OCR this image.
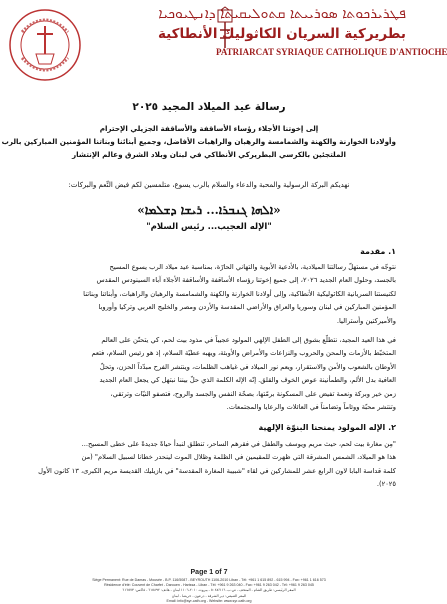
ܦܛܪܝܪܟܘܬܐ ܣܘܪܝܝܬܐ ܩܬܘܠܝܩܝܬܐ ܕܐܢܛܝܘܟܝܐ
بطريركية السريان الكاثوليك الأنطاكية
PATRIARCAT SYRIAQUE CATHOLIQUE D'ANTIOCHE
رسالة عيد الميلاد المجيد ٢٠٢٥
إلى إخوتنا الأجلاء رؤساء الأساقفة والأساقفة الجزيلي الإحترام
وأولادنا الخوارنة والكهنة والشمامسة والرهبان والراهبات الأفاضل، وجميع أبنائنا وبناتنا المؤمنين المباركين بالرب
الملتجئين بالكرسي البطريركي الأنطاكي في لبنان وبلاد الشرق وعالم الإنتشار
نهديكم البركة الرسولية والمحبة والدعاء والسلام بالرب يسوع، متلمسين لكم فيض النِّعم والبركات:
«ܐܠܗܐ ܓܢܒܪܐ... ܪܝܫܐ ܕܫܠܡܐ»
"الإله العجيب... رئيس السلام"
١. مقدمة
نتوجّه في مستهلّ رسالتنا الميلادية، بالأدعية الأبوية والتهاني الحارّة، بمناسبة عيد ميلاد الرب يسوع المسيح
بالجسد، وحلول العام الجديد ٢٠٢٦، إلى جميع إخوتنا رؤساء الأساقفة والأساقفة الأجلاء آباء السينودس المقدس
لكنيستنا السريانية الكاثوليكية الأنطاكية، وإلى أولادنا الخوارنة والكهنة والشمامسة والرهبان والراهبات، وأبنائنا وبناتنا
المؤمنين المباركين في لبنان وسوريا والعراق والأراضي المقدسة والأردن ومصر والخليج العربي وتركيا وأوروبا
والأميركتين وأستراليا.
في هذا العيد المجيد، نتطلّع بشوق إلى الطفل الإلهي المولود عجيباً في مذود بيت لحم، كي يتحنّن على العالم
المتخبّط بالأزمات والمحن والحروب والنزاعات والأمراض والأوبئة، ويهبه عطيّة السلام، إذ هو رئيس السلام، فتعم
الأوطان بالشعوب والأمن والاستقرار، ويعم نور الميلاد في غياهب الظلمات، وينتشر الفرح مبدّداً الحزن، وتحلّ
العافية بدل الألم، والطمأنينة عوض الخوف والقلق. إنّه الإله الكلمة الذي حلّ بيننا نبتهل كي يجعل العام الجديد
زمن خير وبركة ونعمة تفيض على المسكونة برمّتها، بصحّة النفس والجسد والروح، فتصفو النيّات وترتقي،
وتنتشر محبّة ووئاماً وتضامناً في العائلات والرعايا والمجتمعات.
٢. الإله المولود يمنحنا البنوّة الإلهية
"مِن مغارة بيت لحم، حيث مريم ويوسف والطفل في فقرهم الساحر، تنطلق لنبدأ حياةً جديدةً على خطى المسيح...
هذا هو الميلاد، الشمس المشرقة التي ظهرت للمقيمين في الظلمة وظلال الموت لينحدر خطانا لسبيل السلام" (من
كلمة قداسة البابا لاون الرابع عشر للمشاركين في لقاء "شبيبة المغارة المقدسة" في بازيليك القديسة مريم الكبرى، ١٣ كانون الأول
٢٠٢٥).
Page 1 of 7
Siège Permanent: Rue de Damas - Mousée - B.P. 116/5087 - BEYROUTH 1106-2010 Liban - Tél: +961 1 615 892 - 615 994 - Fax: +961 1 616 573
Résidence d'été: Couvent de Charfet - Darouen - Harissa - Liban - Tél: +961 9 263 040 - Fax: +961 9 263 042 - Tél: +961 9 263 045
المقر الرئيسي: طريق الشام - المتحف - ص.ب. ٥٠٨٧/١١٦ - بيروت ٢٠١٠-١١٠٦ لبنان - هاتف: ٦١٥٨٩٢ - فاكس: ٦١٦٥٧٣
المقر الصيفي: دير الشرفة - درعون - حريصا - لبنان
Email: info@syr-cath.org - Website: www.syr-cath.org
